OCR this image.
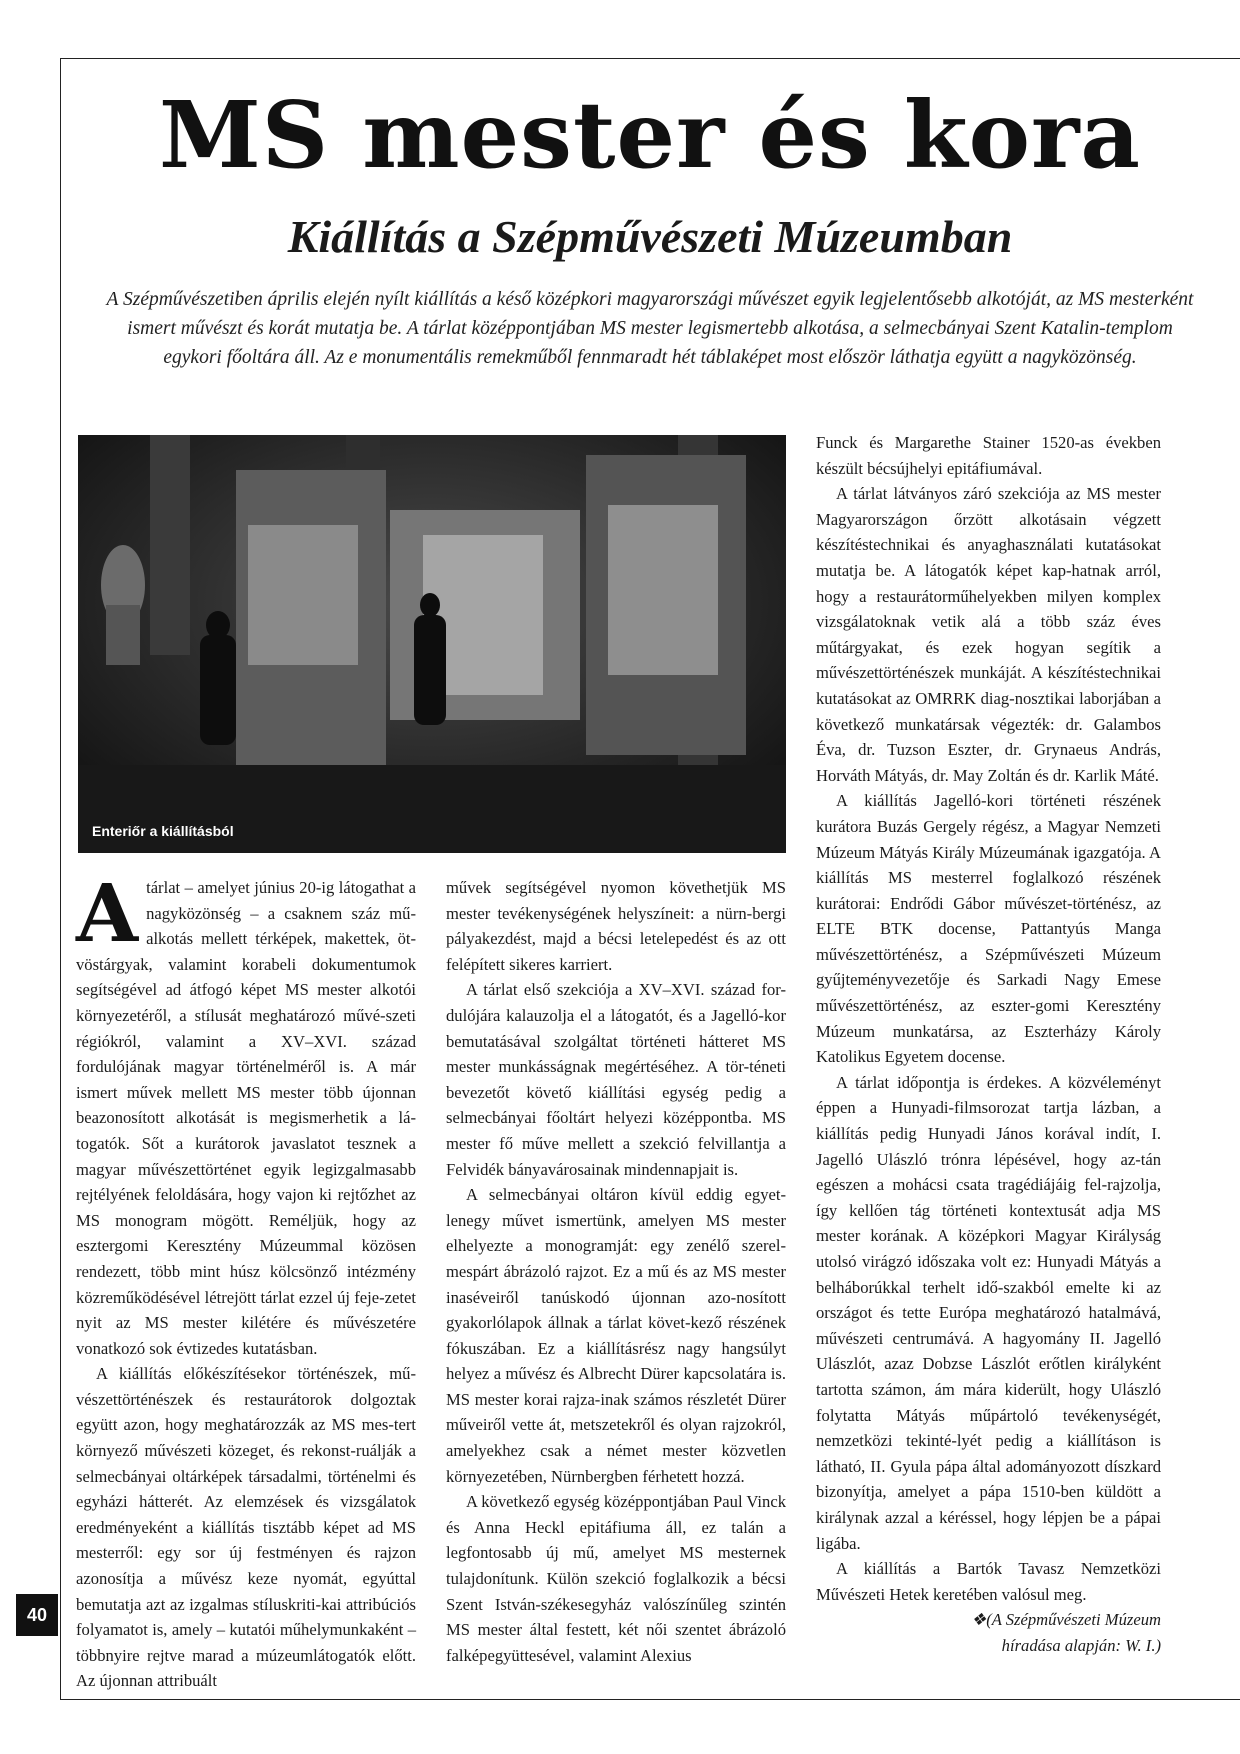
MS mester és kora
Kiállítás a Szépművészeti Múzeumban

A Szépművészetiben április elején nyílt kiállítás a késő középkori magyarországi művészet egyik legjelentősebb alkotóját, az MS mesterként ismert művészt és korát mutatja be. A tárlat középpontjában MS mester legismertebb alkotása, a selmecbányai Szent Katalin-templom egykori főoltára áll. Az e monumentális remekműből fennmaradt hét táblaképet most először láthatja együtt a nagyközönség.

Enteriőr a kiállításból

Atárlat – amelyet június 20-ig látogathat a nagyközönség – a csaknem száz mű-alkotás mellett térképek, makettek, öt-vöstárgyak, valamint korabeli dokumentumok segítségével ad átfogó képet MS mester alkotói környezetéről, a stílusát meghatározó művé-szeti régiókról, valamint a XV–XVI. század fordulójának magyar történelméről is. A már ismert művek mellett MS mester több újonnan beazonosított alkotását is megismerhetik a lá-togatók. Sőt a kurátorok javaslatot tesznek a magyar művészettörténet egyik legizgalmasabb rejtélyének feloldására, hogy vajon ki rejtőzhet az MS monogram mögött. Reméljük, hogy az esztergomi Keresztény Múzeummal közösen rendezett, több mint húsz kölcsönző intézmény közreműködésével létrejött tárlat ezzel új feje-zetet nyit az MS mester kilétére és művészetére vonatkozó sok évtizedes kutatásban.

A kiállítás előkészítésekor történészek, mű-vészettörténészek és restaurátorok dolgoztak együtt azon, hogy meghatározzák az MS mes-tert környező művészeti közeget, és rekonst-ruálják a selmecbányai oltárképek társadalmi, történelmi és egyházi hátterét. Az elemzések és vizsgálatok eredményeként a kiállítás tisztább képet ad MS mesterről: egy sor új festményen és rajzon azonosítja a művész keze nyomát, egyúttal bemutatja azt az izgalmas stíluskriti-kai attribúciós folyamatot is, amely – kutatói műhelymunkaként – többnyire rejtve marad a múzeumlátogatók előtt. Az újonnan attribuált

művek segítségével nyomon követhetjük MS mester tevékenységének helyszíneit: a nürn-bergi pályakezdést, majd a bécsi letelepedést és az ott felépített sikeres karriert.

A tárlat első szekciója a XV–XVI. század for-dulójára kalauzolja el a látogatót, és a Jagelló-kor bemutatásával szolgáltat történeti hátteret MS mester munkásságnak megértéséhez. A tör-téneti bevezetőt követő kiállítási egység pedig a selmecbányai főoltárt helyezi középpontba. MS mester fő műve mellett a szekció felvillantja a Felvidék bányavárosainak mindennapjait is.

A selmecbányai oltáron kívül eddig egyet-lenegy művet ismertünk, amelyen MS mester elhelyezte a monogramját: egy zenélő szerel-mespárt ábrázoló rajzot. Ez a mű és az MS mester inaséveiről tanúskodó újonnan azo-nosított gyakorlólapok állnak a tárlat követ-kező részének fókuszában. Ez a kiállításrész nagy hangsúlyt helyez a művész és Albrecht Dürer kapcsolatára is. MS mester korai rajza-inak számos részletét Dürer műveiről vette át, metszetekről és olyan rajzokról, amelyekhez csak a német mester közvetlen környezetében, Nürnbergben férhetett hozzá.

A következő egység középpontjában Paul Vinck és Anna Heckl epitáfiuma áll, ez talán a legfontosabb új mű, amelyet MS mesternek tulajdonítunk. Külön szekció foglalkozik a bécsi Szent István-székesegyház valószínűleg szintén MS mester által festett, két női szentet ábrázoló falképegyüttesével, valamint Alexius

Funck és Margarethe Stainer 1520-as években készült bécsújhelyi epitáfiumával.

A tárlat látványos záró szekciója az MS mester Magyarországon őrzött alkotásain végzett készítéstechnikai és anyaghasználati kutatásokat mutatja be. A látogatók képet kap-hatnak arról, hogy a restaurátorműhelyekben milyen komplex vizsgálatoknak vetik alá a több száz éves műtárgyakat, és ezek hogyan segítik a művészettörténészek munkáját. A készítéstechnikai kutatásokat az OMRRK diag-nosztikai laborjában a következő munkatársak végezték: dr. Galambos Éva, dr. Tuzson Eszter, dr. Grynaeus András, Horváth Mátyás, dr. May Zoltán és dr. Karlik Máté.

A kiállítás Jagelló-kori történeti részének kurátora Buzás Gergely régész, a Magyar Nemzeti Múzeum Mátyás Király Múzeumának igazgatója. A kiállítás MS mesterrel foglalkozó részének kurátorai: Endrődi Gábor művészet-történész, az ELTE BTK docense, Pattantyús Manga művészettörténész, a Szépművészeti Múzeum gyűjteményvezetője és Sarkadi Nagy Emese művészettörténész, az eszter-gomi Keresztény Múzeum munkatársa, az Eszterházy Károly Katolikus Egyetem docense.

A tárlat időpontja is érdekes. A közvéleményt éppen a Hunyadi-filmsorozat tartja lázban, a kiállítás pedig Hunyadi János korával indít, I. Jagelló Ulászló trónra lépésével, hogy az-tán egészen a mohácsi csata tragédiájáig fel-rajzolja, így kellően tág történeti kontextusát adja MS mester korának. A középkori Magyar Királyság utolsó virágzó időszaka volt ez: Hunyadi Mátyás a belháborúkkal terhelt idő-szakból emelte ki az országot és tette Európa meghatározó hatalmává, művészeti centrumává. A hagyomány II. Jagelló Ulászlót, azaz Dobzse Lászlót erőtlen királyként tartotta számon, ám mára kiderült, hogy Ulászló folytatta Mátyás műpártoló tevékenységét, nemzetközi tekinté-lyét pedig a kiállításon is látható, II. Gyula pápa által adományozott díszkard bizonyítja, amelyet a pápa 1510-ben küldött a királynak azzal a kéréssel, hogy lépjen be a pápai ligába.

A kiállítás a Bartók Tavasz Nemzetközi Művészeti Hetek keretében valósul meg.

❖​(A Szépművészeti Múzeum
híradása alapján: W. I.)

40
